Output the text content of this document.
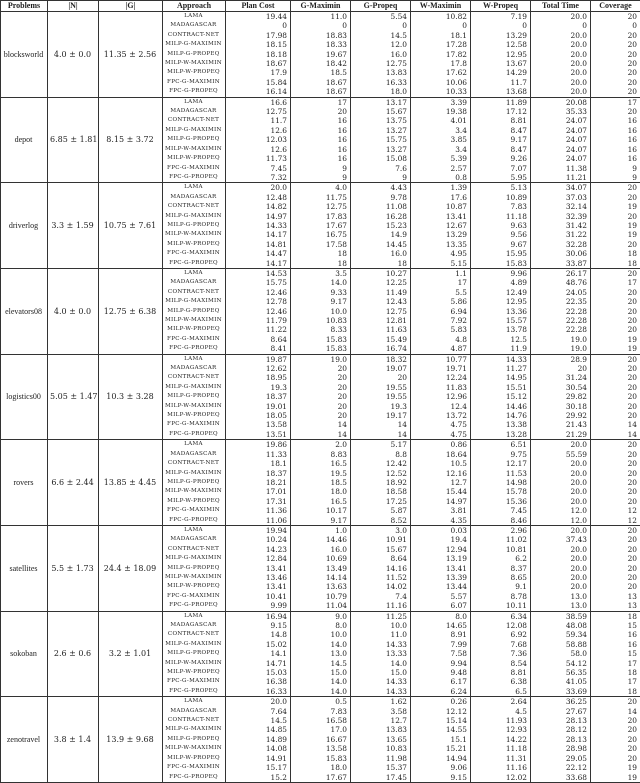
Problems	|N|	|G|	Approach	Plan Cost	G-Maximin	G-Propeq	W-Maximin	W-Propeq	Total Time	Coverage
blocksworld	4.0 ± 0.0	11.35 ± 2.56	LAMA	19.44	11.0	5.54	10.82	7.19	20.0	20
			MADAGASCAR	0	0	0	0	0	0	0
			CONTRACT-NET	17.98	18.83	14.5	18.1	13.29	20.0	20
			MILP-G-MAXIMIN	18.15	18.33	12.0	17.28	12.58	20.0	20
			MILP-G-PROPEQ	18.18	19.67	16.0	17.82	12.95	20.0	20
			MILP-W-MAXIMIN	18.67	18.42	12.75	17.8	13.67	20.0	20
			MILP-W-PROPEQ	17.9	18.5	13.83	17.62	14.29	20.0	20
			FPC-G-MAXIMIN	15.84	18.67	16.33	10.06	11.7	20.0	20
			FPC-G-PROPEQ	16.14	18.67	18.0	10.33	13.68	20.0	20
depot	6.85 ± 1.81	8.15 ± 3.72	LAMA	16.6	17	13.17	3.39	11.89	20.08	17
			MADAGASCAR	12.75	20	15.67	19.38	17.12	35.33	20
			CONTRACT-NET	11.7	16	13.75	4.01	8.81	24.07	16
			MILP-G-MAXIMIN	12.6	16	13.27	3.4	8.47	24.07	16
			MILP-G-PROPEQ	12.03	16	15.75	3.85	9.17	24.07	16
			MILP-W-MAXIMIN	12.6	16	13.27	3.4	8.47	24.07	16
			MILP-W-PROPEQ	11.73	16	15.08	5.39	9.26	24.07	16
			FPC-G-MAXIMIN	7.45	9	7.6	2.57	7.07	11.38	9
			FPC-G-PROPEQ	7.32	9	9	0.8	5.95	11.21	9
driverlog	3.3 ± 1.59	10.75 ± 7.61	LAMA	20.0	4.0	4.43	1.39	5.13	34.07	20
			MADAGASCAR	12.48	11.75	9.78	17.6	10.89	37.03	20
			CONTRACT-NET	14.82	12.75	11.08	10.87	7.83	32.14	19
			MILP-G-MAXIMIN	14.97	17.83	16.28	13.41	11.18	32.39	20
			MILP-G-PROPEQ	14.33	17.67	15.23	12.67	9.63	31.42	19
			MILP-W-MAXIMIN	14.17	16.75	14.9	13.29	9.56	31.22	19
			MILP-W-PROPEQ	14.81	17.58	14.45	13.35	9.67	32.28	20
			FPC-G-MAXIMIN	14.47	18	16.0	4.95	15.95	30.06	18
			FPC-G-PROPEQ	14.17	18	18	5.15	15.83	33.87	18
elevators08	4.0 ± 0.0	12.75 ± 6.38	LAMA	14.53	3.5	10.27	1.1	9.96	26.17	20
			MADAGASCAR	15.75	14.0	12.25	17	4.89	48.76	17
			CONTRACT-NET	12.46	9.33	11.49	5.5	12.49	24.05	20
			MILP-G-MAXIMIN	12.78	9.17	12.43	5.86	12.95	22.35	20
			MILP-G-PROPEQ	12.46	10.0	12.75	6.94	13.36	22.28	20
			MILP-W-MAXIMIN	11.79	10.83	12.81	7.92	15.57	22.28	20
			MILP-W-PROPEQ	11.22	8.33	11.63	5.83	13.78	22.28	20
			FPC-G-MAXIMIN	8.64	15.83	15.49	4.8	12.5	19.0	19
			FPC-G-PROPEQ	8.41	15.83	16.74	4.87	11.9	19.0	19
logistics00	5.05 ± 1.47	10.3 ± 3.28	LAMA	19.87	19.0	18.32	10.77	14.33	28.9	20
			MADAGASCAR	12.62	20	19.07	19.71	11.27	20	20
			CONTRACT-NET	18.95	20	20	12.24	14.95	31.24	20
			MILP-G-MAXIMIN	19.3	20	19.55	11.83	15.51	30.54	20
			MILP-G-PROPEQ	18.37	20	19.55	12.96	15.12	29.82	20
			MILP-W-MAXIMIN	19.01	20	19.3	12.4	14.46	30.18	20
			MILP-W-PROPEQ	18.05	20	19.17	13.72	14.76	29.92	20
			FPC-G-MAXIMIN	13.58	14	14	4.75	13.38	21.43	14
			FPC-G-PROPEQ	13.51	14	14	4.75	13.28	21.29	14
rovers	6.6 ± 2.44	13.85 ± 4.45	LAMA	19.86	2.0	5.17	0.86	6.51	20.0	20
			MADAGASCAR	11.33	8.83	8.8	18.64	9.75	55.59	20
			CONTRACT-NET	18.1	16.5	12.42	10.5	12.17	20.0	20
			MILP-G-MAXIMIN	18.37	19.5	12.52	12.16	11.53	20.0	20
			MILP-G-PROPEQ	18.21	18.5	18.92	12.7	14.98	20.0	20
			MILP-W-MAXIMIN	17.01	18.0	18.58	15.44	15.78	20.0	20
			MILP-W-PROPEQ	17.31	16.5	17.25	14.97	15.36	20.0	20
			FPC-G-MAXIMIN	11.36	10.17	5.87	3.81	7.45	12.0	12
			FPC-G-PROPEQ	11.06	9.17	8.52	4.35	8.46	12.0	12
satellites	5.5 ± 1.73	24.4 ± 18.09	LAMA	19.94	1.0	3.0	0.03	2.96	20.0	20
			MADAGASCAR	10.24	14.46	10.91	19.4	11.02	37.43	20
			CONTRACT-NET	14.23	16.0	15.67	12.94	10.81	20.0	20
			MILP-G-MAXIMIN	12.84	10.69	8.64	13.19	6.2	20.0	20
			MILP-G-PROPEQ	13.41	13.49	14.16	13.41	8.37	20.0	20
			MILP-W-MAXIMIN	13.46	14.14	11.52	13.39	8.65	20.0	20
			MILP-W-PROPEQ	13.41	13.63	14.02	13.44	9.1	20.0	20
			FPC-G-MAXIMIN	10.41	10.79	7.4	5.57	8.78	13.0	13
			FPC-G-PROPEQ	9.99	11.04	11.16	6.07	10.11	13.0	13
sokoban	2.6 ± 0.6	3.2 ± 1.01	LAMA	16.94	9.0	11.25	8.0	6.34	38.59	18
			MADAGASCAR	9.15	8.0	10.0	14.65	12.08	48.08	15
			CONTRACT-NET	14.8	10.0	11.0	8.91	6.92	59.34	16
			MILP-G-MAXIMIN	15.02	14.0	14.33	7.99	7.68	58.88	16
			MILP-G-PROPEQ	14.1	13.0	13.33	7.58	7.36	58.0	15
			MILP-W-MAXIMIN	14.71	14.5	14.0	9.94	8.54	54.12	17
			MILP-W-PROPEQ	15.03	15.0	15.0	9.48	8.81	56.35	18
			FPC-G-MAXIMIN	16.38	14.0	14.33	6.17	6.38	41.05	17
			FPC-G-PROPEQ	16.33	14.0	14.33	6.24	6.5	33.69	18
zenotravel	3.8 ± 1.4	13.9 ± 9.68	LAMA	20.0	0.5	1.62	0.26	2.64	36.25	20
			MADAGASCAR	7.64	7.83	3.58	12.12	4.5	27.67	14
			CONTRACT-NET	14.5	16.58	12.7	15.14	11.93	28.13	20
			MILP-G-MAXIMIN	14.85	17.0	13.83	14.55	12.93	28.12	20
			MILP-G-PROPEQ	14.89	16.67	13.65	15.1	14.22	28.13	20
			MILP-W-MAXIMIN	14.08	13.58	10.83	15.21	11.18	28.98	20
			MILP-W-PROPEQ	14.91	15.83	11.98	14.94	11.31	29.05	20
			FPC-G-MAXIMIN	15.17	18.0	15.37	9.06	11.16	22.12	19
			FPC-G-PROPEQ	15.2	17.67	17.45	9.15	12.02	33.68	19
